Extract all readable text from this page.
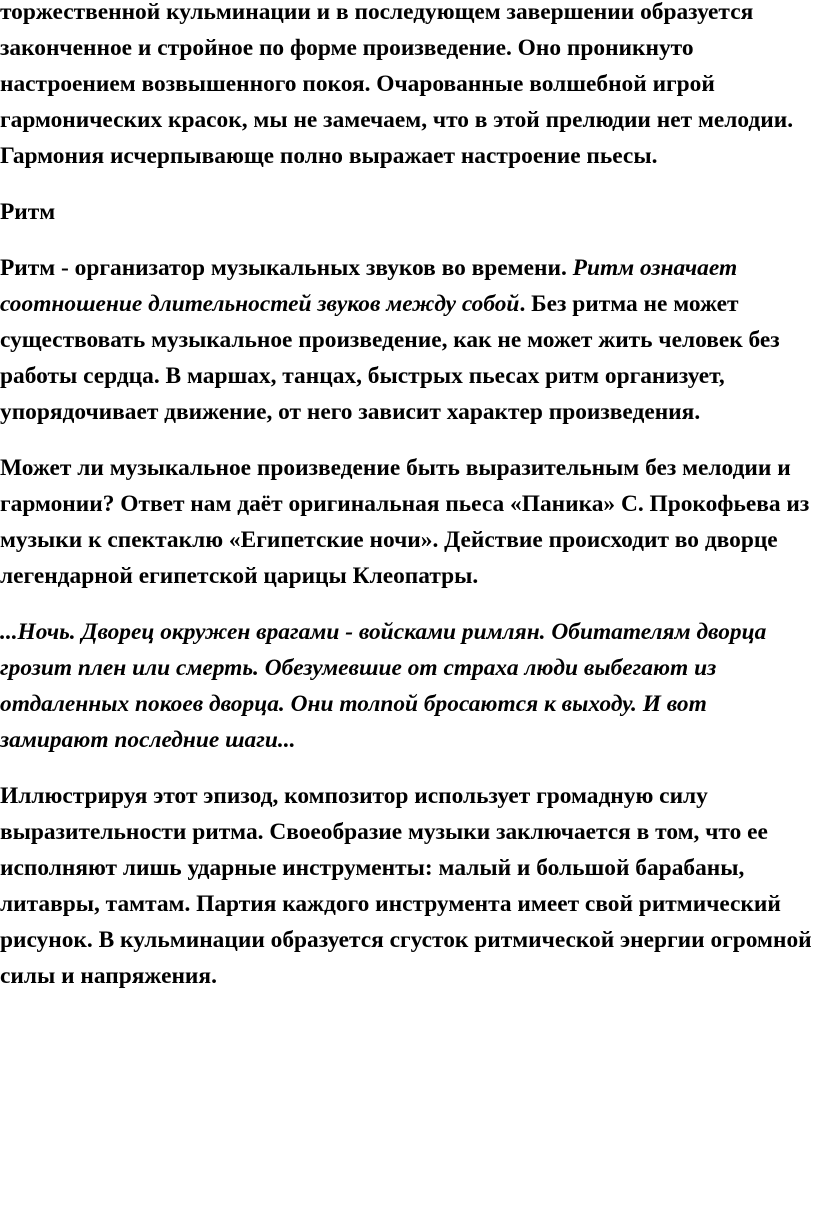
торжественной кульминации и в последующем завершении образуется законченное и стройное по форме произведение. Оно проникнуто настроением возвышенного покоя. Очарованные волшебной игрой гармонических красок, мы не замечаем, что в этой прелюдии нет мелодии. Гармония исчерпывающе полно выражает настроение пьесы.

Ритм

Ритм - организатор музыкальных звуков во времени. Ритм означает соотношение длительностей звуков между собой. Без ритма не может существовать музыкальное произведение, как не может жить человек без работы сердца. В маршах, танцах, быстрых пьесах ритм организует, упорядочивает движение, от него зависит характер произведения.

Может ли музыкальное произведение быть выразительным без мелодии и гармонии? Ответ нам даёт оригинальная пьеса «Паника» С. Прокофьева из музыки к спектаклю «Египетские ночи». Действие происходит во дворце легендарной египетской царицы Клеопатры.

...Ночь. Дворец окружен врагами - войсками римлян. Обитателям дворца грозит плен или смерть. Обезумевшие от страха люди выбегают из отдаленных покоев дворца. Они толпой бросаются к выходу. И вот замирают последние шаги...

Иллюстрируя этот эпизод, композитор использует громадную силу выразительности ритма. Своеобразие музыки заключается в том, что ее исполняют лишь ударные инструменты: малый и большой барабаны, литавры, тамтам. Партия каждого инструмента имеет свой ритмический рисунок. В кульминации образуется сгусток ритмической энергии огромной силы и напряжения.
